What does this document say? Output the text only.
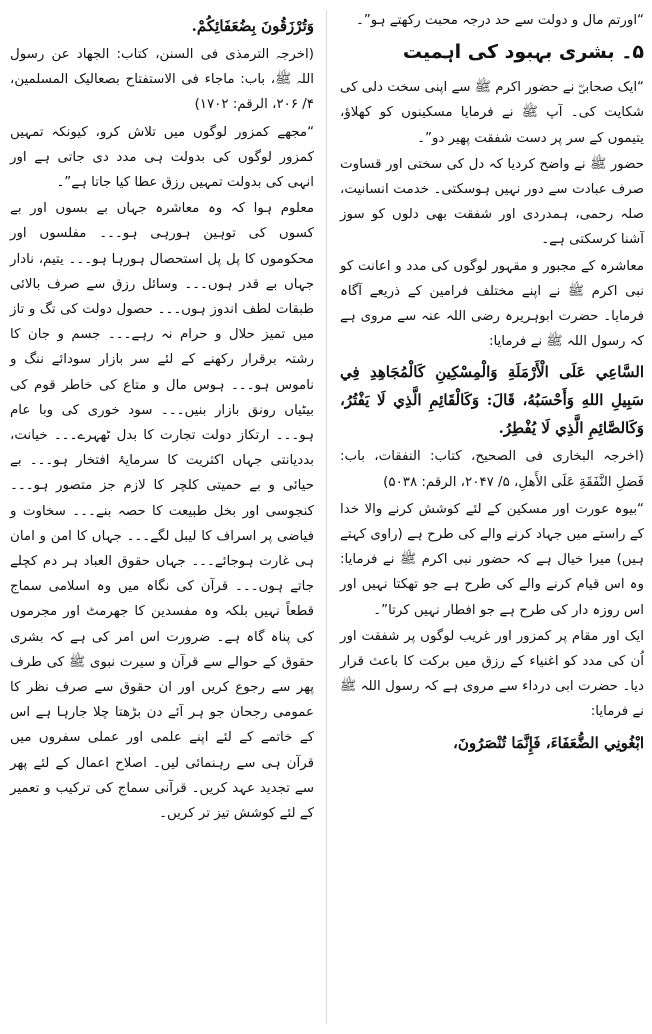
“اورتم مال و دولت سے حد درجہ محبت رکھتے ہو”۔

۵۔ بشری بہبود کی اہمیت

“ایک صحابیؓ نے حضور اکرم ﷺ سے اپنی سخت دلی کی شکایت کی۔ آپ ﷺ نے فرمایا مسکینوں کو کھلاؤ، یتیموں کے سر پر دست شفقت پھیر دو”۔

حضور ﷺ نے واضح کردیا کہ دل کی سختی اور قساوت صرف عبادت سے دور نہیں ہوسکتی۔ خدمت انسانیت، صلہ رحمی، ہمدردی اور شفقت بھی دلوں کو سوز آشنا کرسکتی ہے۔

معاشرہ کے مجبور و مقہور لوگوں کی مدد و اعانت کو نبی اکرم ﷺ نے اپنے مختلف فرامین کے ذریعے آگاہ فرمایا۔ حضرت ابوہریرہ رضی اللہ عنہ سے مروی ہے کہ رسول اللہ ﷺ نے فرمایا:

السَّاعِي عَلَى الْأَرْمَلَةِ وَالْمِسْكِينِ كَالْمُجَاهِدِ فِي سَبِيلِ اللهِ وَأَحْسَبُهُ، قَالَ: وَكَالْقَائِمِ الَّذِي لَا يَفْتُرُ، وَكَالصَّائِمِ الَّذِي لَا يُفْطِرُ.

(اخرجہ البخاری فی الصحیح، کتاب: النفقات، باب: فَضلِ النَّفَقَةِ عَلَى الأَهلِ، ۵/ ۲۰۴۷، الرقم: ۵۰۳۸)

“بیوہ عورت اور مسکین کے لئے کوشش کرنے والا خدا کے راستے میں جہاد کرنے والے کی طرح ہے (راوی کہتے ہیں) میرا خیال ہے کہ حضور نبی اکرم ﷺ نے فرمایا: وہ اس قیام کرنے والے کی طرح ہے جو تھکتا نہیں اور اس روزہ دار کی طرح ہے جو افطار نہیں کرتا”۔

ایک اور مقام پر کمزور اور غریب لوگوں پر شفقت اور اُن کی مدد کو اغنیاء کے رزق میں برکت کا باعث قرار دیا۔ حضرت ابی درداء سے مروی ہے کہ رسول اللہ ﷺ نے فرمایا:

ابْغُونِي الضُّعَفَاءَ، فَإِنَّمَا تُنْصَرُونَ،

وَتُرْزَقُونَ بِضُعَفَائِكُمْ.

(اخرجہ الترمذی فی السنن، کتاب: الجھاد عن رسول اللہ ﷺ، باب: ماجاء فی الاستفتاح بصعالیک المسلمین، ۴/ ۲۰۶، الرقم: ۱۷۰۲)

“مجھے کمزور لوگوں میں تلاش کرو، کیونکہ تمہیں کمزور لوگوں کی بدولت ہی مدد دی جاتی ہے اور انہی کی بدولت تمہیں رزق عطا کیا جاتا ہے”۔

معلوم ہوا کہ وہ معاشرہ جہاں بے بسوں اور بے کسوں کی توہین ہورہی ہو۔۔۔ مفلسوں اور محکوموں کا پل پل استحصال ہورہا ہو۔۔۔ یتیم، نادار جہاں بے قدر ہوں۔۔۔ وسائل رزق سے صرف بالائی طبقات لطف اندوز ہوں۔۔۔ حصول دولت کی تگ و تاز میں تمیز حلال و حرام نہ رہے۔۔۔ جسم و جان کا رشتہ برقرار رکھنے کے لئے سر بازار سودائے ننگ و ناموس ہو۔۔۔ ہوس مال و متاع کی خاطر قوم کی بیٹیاں رونق بازار بنیں۔۔۔ سود خوری کی وبا عام ہو۔۔۔ ارتکاز دولت تجارت کا بدل ٹھہرے۔۔۔ خیانت، بددیانتی جہاں اکثریت کا سرمایۂ افتخار ہو۔۔۔ بے حیائی و بے حمیتی کلچر کا لازم جز متصور ہو۔۔۔ کنجوسی اور بخل طبیعت کا حصہ بنے۔۔۔ سخاوت و فیاضی پر اسراف کا لیبل لگے۔۔۔ جہاں کا امن و امان ہی غارت ہوجائے۔۔۔ جہاں حقوق العباد ہر دم کچلے جاتے ہوں۔۔۔ قرآن کی نگاہ میں وہ اسلامی سماج قطعاً نہیں بلکہ وہ مفسدین کا جھرمٹ اور مجرموں کی پناہ گاہ ہے۔ ضرورت اس امر کی ہے کہ بشری حقوق کے حوالے سے قرآن و سیرت نبوی ﷺ کی طرف پھر سے رجوع کریں اور ان حقوق سے صرف نظر کا عمومی رجحان جو ہر آئے دن بڑھتا چلا جارہا ہے اس کے خاتمے کے لئے اپنے علمی اور عملی سفروں میں قرآن ہی سے رہنمائی لیں۔ اصلاح اعمال کے لئے پھر سے تجدید عہد کریں۔ قرآنی سماج کی ترکیب و تعمیر کے لئے کوشش تیز تر کریں۔
